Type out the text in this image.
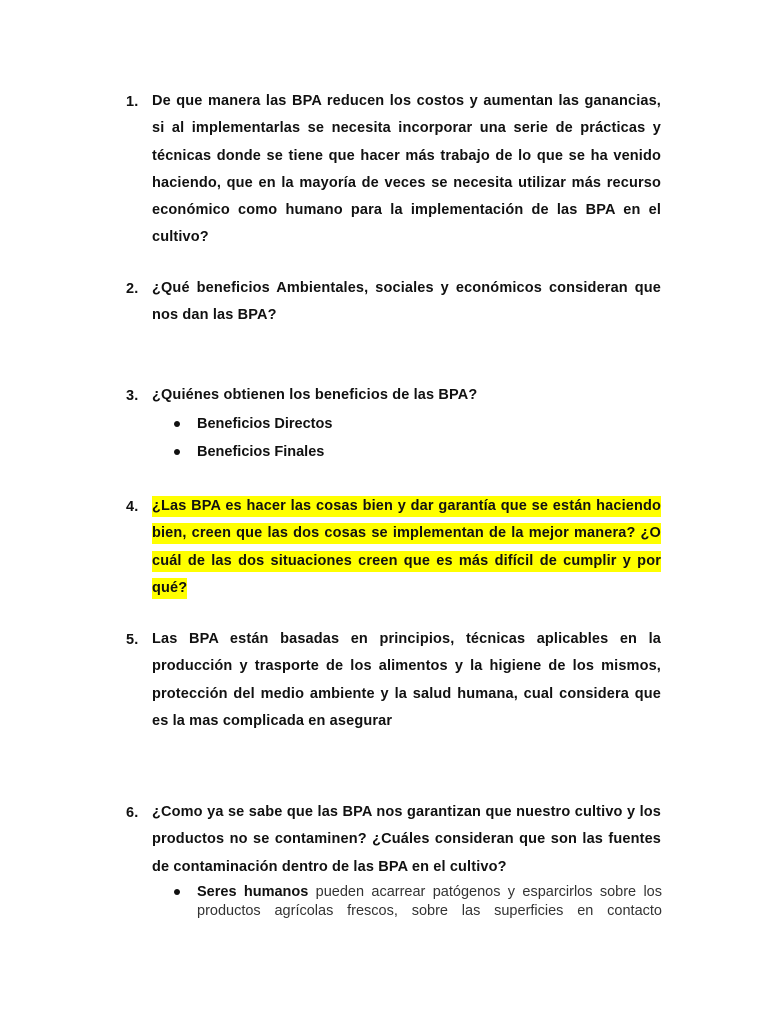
1. De que manera las BPA reducen los costos y aumentan las ganancias, si al implementarlas se necesita incorporar una serie de prácticas y técnicas donde se tiene que hacer más trabajo de lo que se ha venido haciendo, que en la mayoría de veces se necesita utilizar más recurso económico como humano para la implementación de las BPA en el cultivo?
2. ¿Qué beneficios Ambientales, sociales y económicos consideran que nos dan las BPA?
3. ¿Quiénes obtienen los beneficios de las BPA?
Beneficios Directos
Beneficios Finales
4. ¿Las BPA es hacer las cosas bien y dar garantía que se están haciendo bien, creen que las dos cosas se implementan de la mejor manera? ¿O cuál de las dos situaciones creen que es más difícil de cumplir y por qué?
5. Las BPA están basadas en principios, técnicas aplicables en la producción y trasporte de los alimentos y la higiene de los mismos, protección del medio ambiente y la salud humana, cual considera que es la mas complicada en asegurar
6. ¿Como ya se sabe que las BPA nos garantizan que nuestro cultivo y los productos no se contaminen? ¿Cuáles consideran que son las fuentes de contaminación dentro de las BPA en el cultivo?
Seres humanos pueden acarrear patógenos y esparcirlos sobre los productos agrícolas frescos, sobre las superficies en contacto
